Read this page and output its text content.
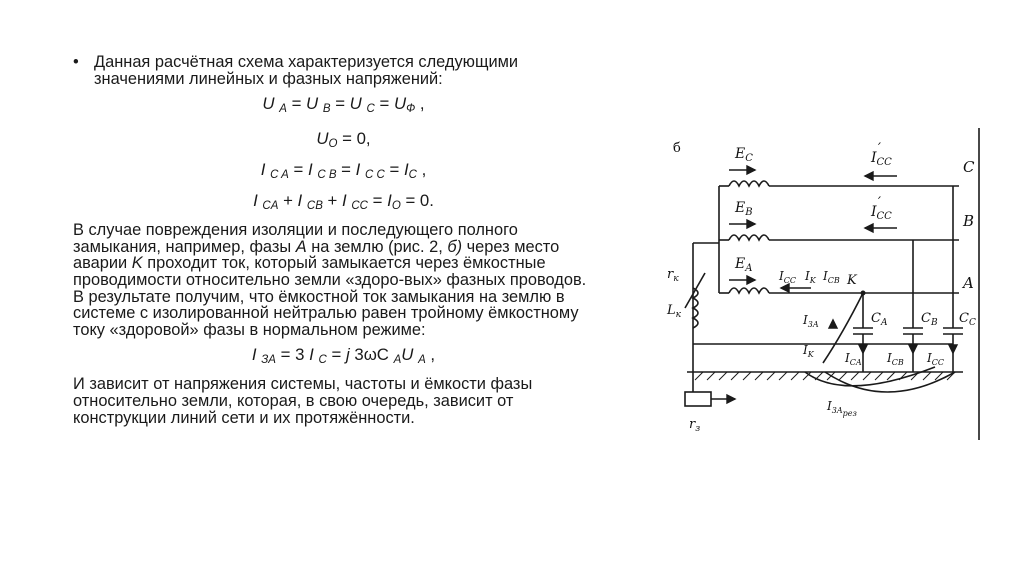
• Данная расчётная схема характеризуется следующими значениями линейных и фазных напряжений:
U A = U B = U C = UФ ,
UO = 0,
I C A = I C B = I C C = IC ,
I CA + I CB + I CC = IO = 0.
В случае повреждения изоляции и последующего полного замыкания, например, фазы A на землю (рис. 2, б) через место аварии K проходит ток, который замыкается через ёмкостные проводимости относительно земли «здоро-вых» фазных проводов. В результате получим, что ёмкостной ток замыкания на землю в системе с изолированной нейтралью равен тройному ёмкостному току «здоровой» фазы в нормальном режиме:
I ЗА = 3 I C = j 3ωC AU A ,
И зависит от напряжения системы, частоты и ёмкости фазы относительно земли, которая, в свою очередь, зависит от конструкции линий сети и их протяжённости.
б	$E_C$
$E_B$
$E_A$
$I_{CC}'$
$I_{CC}'$
C
B
A
$r_к$
$L_к$
$I_{CC}$ $I_K$ $I_{CB}$ K
$I_{3A}$
$I_K$
$C_A$	$C_B$ $C_C$
$I_{CA}$ $I_{CB}$ $I_{CC}$
$I_{3Aрез}$
$r_з$
